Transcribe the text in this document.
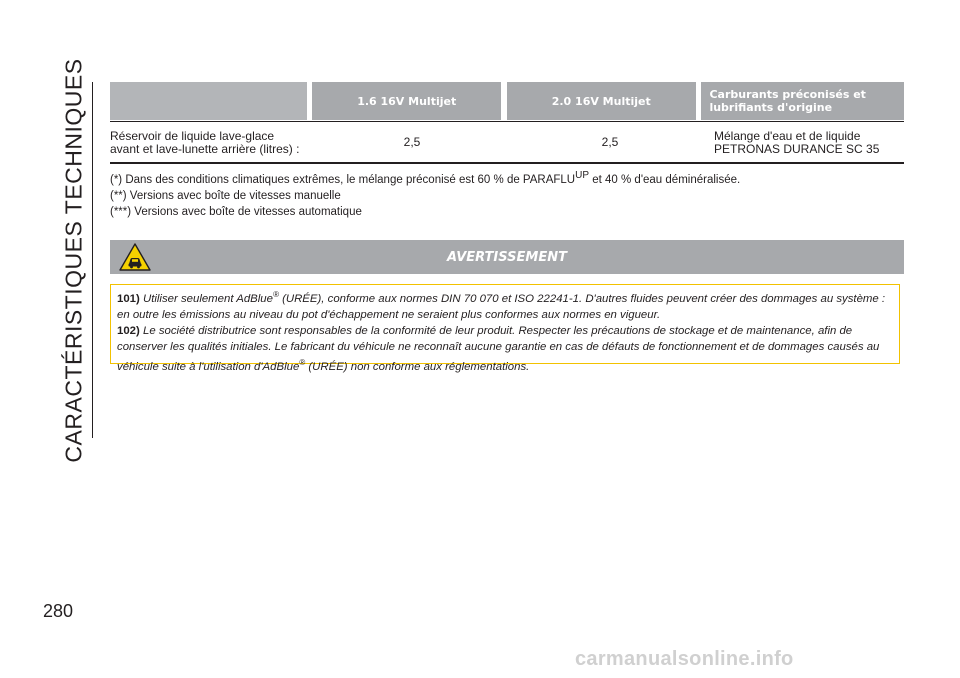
CARACTÉRISTIQUES TECHNIQUES	1.6 16V Multijet	2.0 16V Multijet	Carburants préconisés et lubrifiants d'origine
Réservoir de liquide lave-glace
avant et lave-lunette arrière (litres) :	2,5	2,5	Mélange d'eau et de liquide
PETRONAS DURANCE SC 35
(*) Dans des conditions climatiques extrêmes, le mélange préconisé est 60 % de $PARAFLU^{UP}$ et 40 % d'eau déminéralisée.
(**) Versions avec boîte de vitesses manuelle
(***) Versions avec boîte de vitesses automatique
AVERTISSEMENT

101) Utiliser seulement AdBlue® (URÉE), conforme aux normes DIN 70 070 et ISO 22241-1. D'autres fluides peuvent créer des dommages au système : en outre les émissions au niveau du pot d'échappement ne seraient plus conformes aux normes en vigueur.

102) Le société distributrice sont responsables de la conformité de leur produit. Respecter les précautions de stockage et de maintenance, afin de conserver les qualités initiales. Le fabricant du véhicule ne reconnaît aucune garantie en cas de défauts de fonctionnement et de dommages causés au véhicule suite à l'utilisation d'AdBlue® (URÉE) non conforme aux réglementations.

280
carmanualsonline.info
